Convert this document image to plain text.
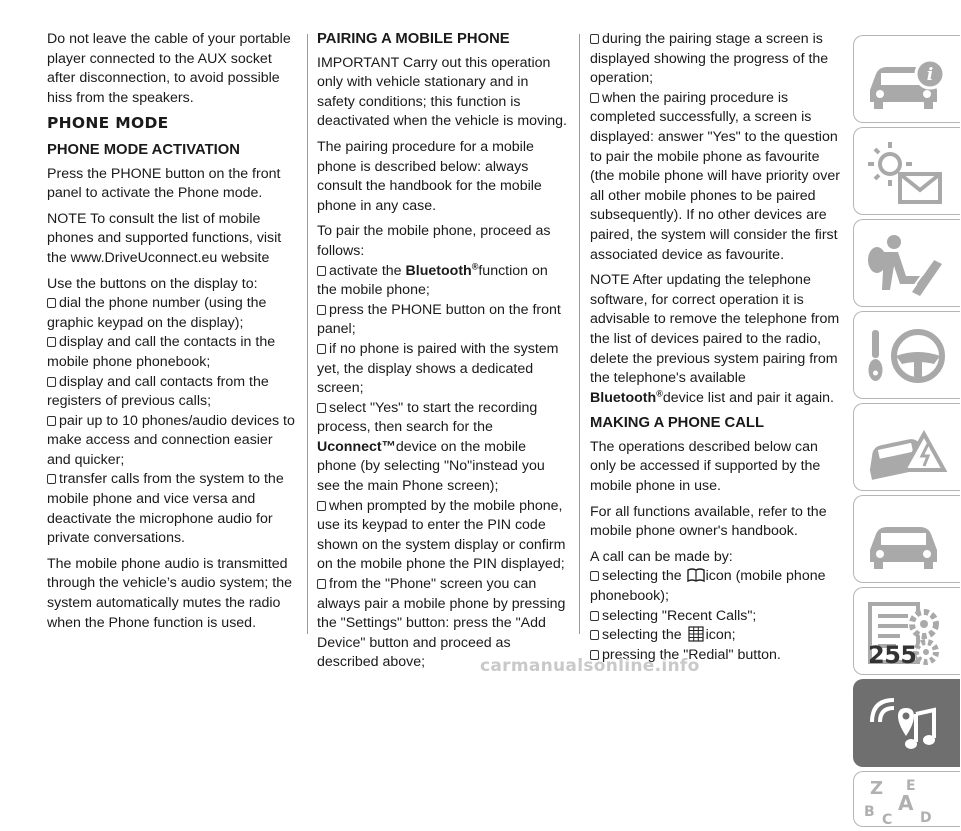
Do not leave the cable of your portable player connected to the AUX socket after disconnection, to avoid possible hiss from the speakers.

PHONE MODE
PHONE MODE ACTIVATION

Press the PHONE button on the front panel to activate the Phone mode.

NOTE To consult the list of mobile phones and supported functions, visit the www.DriveUconnect.eu website

Use the buttons on the display to:
dial the phone number (using the graphic keypad on the display);
display and call the contacts in the mobile phone phonebook;
display and call contacts from the registers of previous calls;
pair up to 10 phones/audio devices to make access and connection easier and quicker;
transfer calls from the system to the mobile phone and vice versa and deactivate the microphone audio for private conversations.

The mobile phone audio is transmitted through the vehicle’s audio system; the system automatically mutes the radio when the Phone function is used.

PAIRING A MOBILE PHONE

IMPORTANT Carry out this operation only with vehicle stationary and in safety conditions; this function is deactivated when the vehicle is moving.

The pairing procedure for a mobile phone is described below: always consult the handbook for the mobile phone in any case.

To pair the mobile phone, proceed as follows:
activate the Bluetooth®function on the mobile phone;
press the PHONE button on the front panel;
if no phone is paired with the system yet, the display shows a dedicated screen;
select "Yes" to start the recording process, then search for the Uconnect™device on the mobile phone (by selecting "No"instead you see the main Phone screen);
when prompted by the mobile phone, use its keypad to enter the PIN code shown on the system display or confirm on the mobile phone the PIN displayed;
from the "Phone" screen you can always pair a mobile phone by pressing the "Settings" button: press the "Add Device" button and proceed as described above;
during the pairing stage a screen is displayed showing the progress of the operation;
when the pairing procedure is completed successfully, a screen is displayed: answer "Yes" to the question to pair the mobile phone as favourite (the mobile phone will have priority over all other mobile phones to be paired subsequently). If no other devices are paired, the system will consider the first associated device as favourite.

NOTE After updating the telephone software, for correct operation it is advisable to remove the telephone from the list of devices paired to the radio, delete the previous system pairing from the telephone's available Bluetooth®device list and pair it again.

MAKING A PHONE CALL

The operations described below can only be accessed if supported by the mobile phone in use.

For all functions available, refer to the mobile phone owner's handbook.

A call can be made by:
selecting the icon (mobile phone phonebook);
selecting "Recent Calls";
selecting the icon;
pressing the "Redial" button.
i
Z E
A
B C D
255
carmanualsonline.info
